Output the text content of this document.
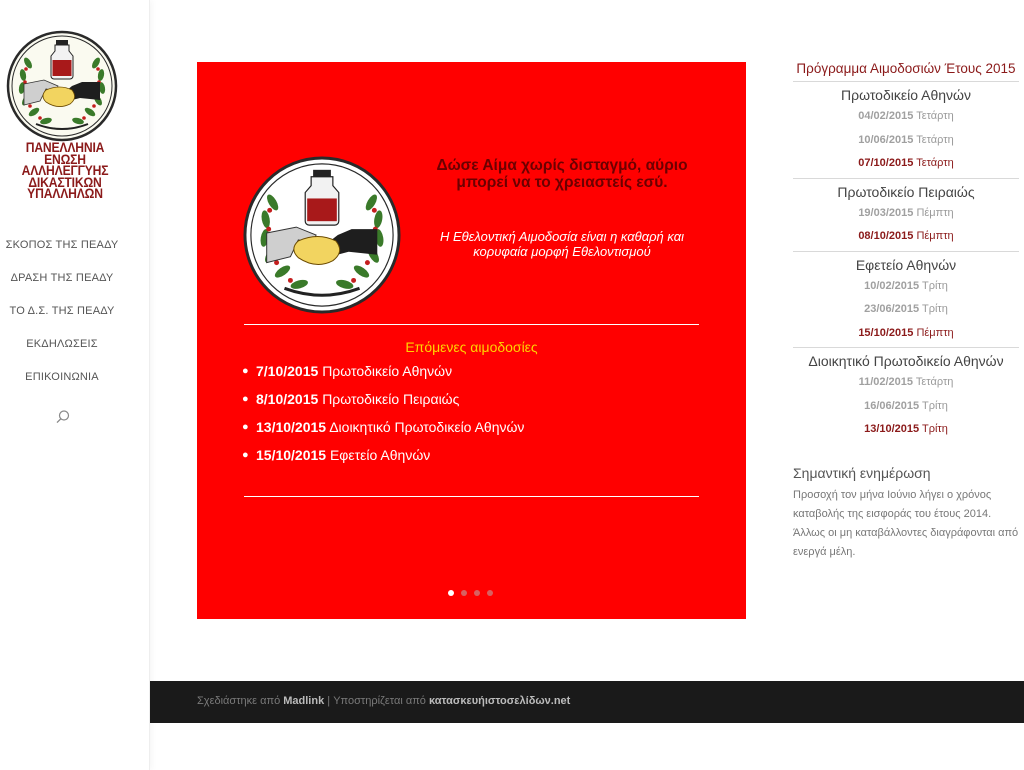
ΠΑΝΕΛΛΗΝΙΑ
ΕΝΩΣΗ
ΑΛΛΗΛΕΓΓΥΗΣ
ΔΙΚΑΣΤΙΚΩΝ
ΥΠΑΛΛΗΛΩΝ
ΣΚΟΠΟΣ ΤΗΣ ΠΕΑΔΥ
ΔΡΑΣΗ ΤΗΣ ΠΕΑΔΥ
ΤΟ Δ.Σ. ΤΗΣ ΠΕΑΔΥ
ΕΚΔΗΛΩΣΕΙΣ
ΕΠΙΚΟΙΝΩΝΙΑ
Δώσε Αίμα χωρίς δισταγμό, αύριο μπορεί να το χρειαστείς εσύ.
Η Εθελοντική Αιμοδοσία είναι η καθαρή και κορυφαία μορφή Εθελοντισμού
Επόμενες αιμοδοσίες
● 7/10/2015 Πρωτοδικείο Αθηνών
● 8/10/2015 Πρωτοδικείο Πειραιώς
● 13/10/2015 Διοικητικό Πρωτοδικείο Αθηνών
● 15/10/2015 Εφετείο Αθηνών
Πρόγραμμα Αιμοδοσιών Έτους 2015
Πρωτοδικείο Αθηνών
04/02/2015 Τετάρτη
10/06/2015 Τετάρτη
07/10/2015 Τετάρτη
Πρωτοδικείο Πειραιώς
19/03/2015 Πέμπτη
08/10/2015 Πέμπτη
Εφετείο Αθηνών
10/02/2015 Τρίτη
23/06/2015 Τρίτη
15/10/2015 Πέμπτη
Διοικητικό Πρωτοδικείο Αθηνών
11/02/2015 Τετάρτη
16/06/2015 Τρίτη
13/10/2015 Τρίτη
Σημαντική ενημέρωση
Προσοχή τον μήνα Ιούνιο λήγει ο χρόνος καταβολής της εισφοράς του έτους 2014. Άλλως οι μη καταβάλλοντες διαγράφονται από ενεργά μέλη.
Σχεδιάστηκε από Madlink | Υποστηρίζεται από κατασκευήιστοσελίδων.net
